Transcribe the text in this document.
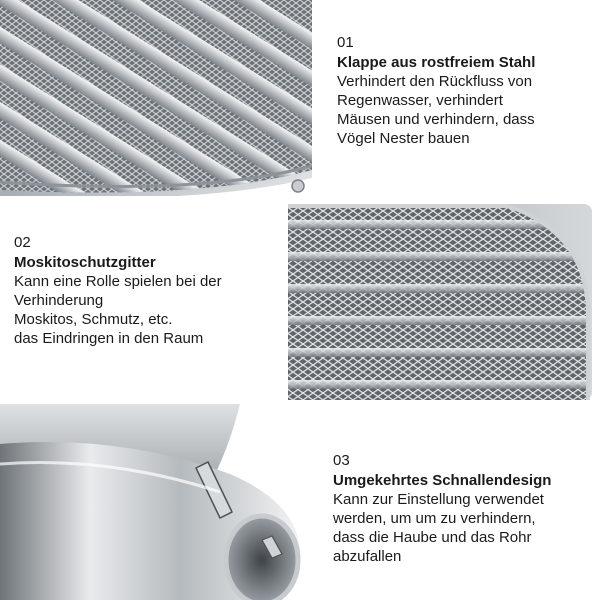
01
Klappe aus rostfreiem Stahl
Verhindert den Rückfluss von
Regenwasser, verhindert
Mäusen und verhindern, dass
Vögel Nester bauen
02
Moskitoschutzgitter
Kann eine Rolle spielen bei der
Verhinderung
Moskitos, Schmutz, etc.
das Eindringen in den Raum
03
Umgekehrtes Schnallendesign
Kann zur Einstellung verwendet
werden, um um zu verhindern,
dass die Haube und das Rohr
abzufallen
